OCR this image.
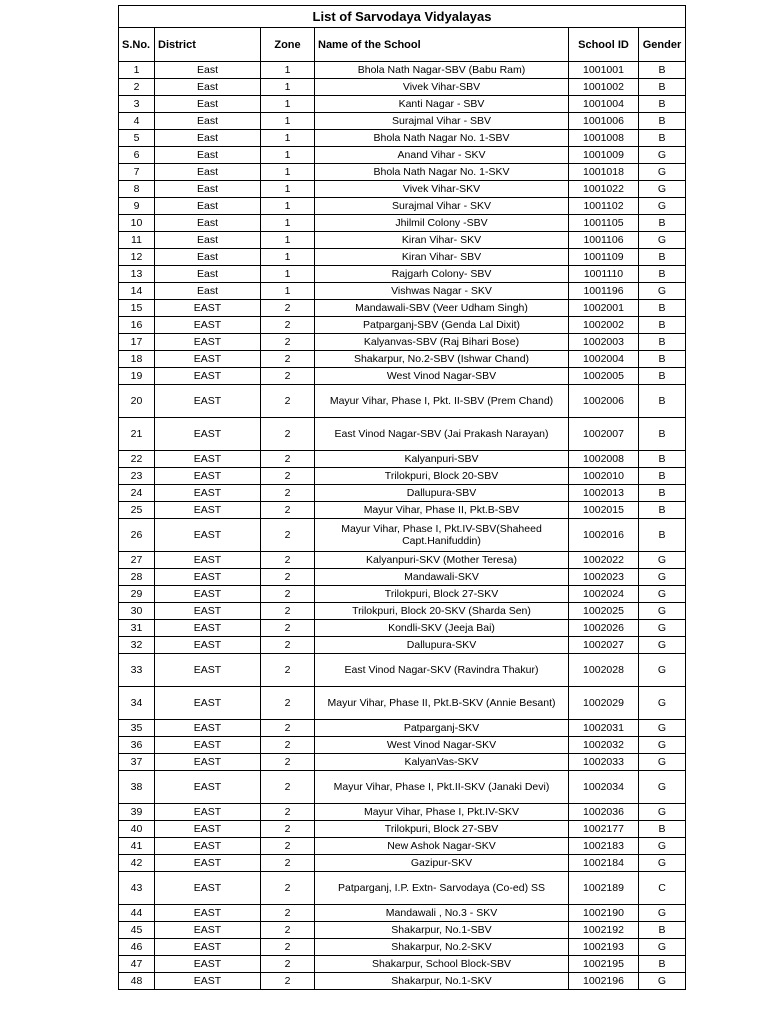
List of Sarvodaya Vidyalayas					
S.No.	District	Zone	Name of the School	School ID	Gender
1	East	1	Bhola Nath Nagar-SBV (Babu Ram)	1001001	B
2	East	1	Vivek Vihar-SBV	1001002	B
3	East	1	Kanti Nagar - SBV	1001004	B
4	East	1	Surajmal Vihar - SBV	1001006	B
5	East	1	Bhola Nath Nagar No. 1-SBV	1001008	B
6	East	1	Anand Vihar - SKV	1001009	G
7	East	1	Bhola Nath Nagar No. 1-SKV	1001018	G
8	East	1	Vivek Vihar-SKV	1001022	G
9	East	1	Surajmal Vihar - SKV	1001102	G
10	East	1	Jhilmil Colony -SBV	1001105	B
11	East	1	Kiran Vihar- SKV	1001106	G
12	East	1	Kiran Vihar- SBV	1001109	B
13	East	1	Rajgarh Colony- SBV	1001110	B
14	East	1	Vishwas Nagar - SKV	1001196	G
15	EAST	2	Mandawali-SBV (Veer Udham Singh)	1002001	B
16	EAST	2	Patparganj-SBV (Genda Lal Dixit)	1002002	B
17	EAST	2	Kalyanvas-SBV (Raj Bihari Bose)	1002003	B
18	EAST	2	Shakarpur, No.2-SBV (Ishwar Chand)	1002004	B
19	EAST	2	West Vinod Nagar-SBV	1002005	B
20	EAST	2	Mayur Vihar, Phase I, Pkt. II-SBV (Prem Chand)	1002006	B
21	EAST	2	East Vinod Nagar-SBV (Jai Prakash Narayan)	1002007	B
22	EAST	2	Kalyanpuri-SBV	1002008	B
23	EAST	2	Trilokpuri, Block 20-SBV	1002010	B
24	EAST	2	Dallupura-SBV	1002013	B
25	EAST	2	Mayur Vihar, Phase II, Pkt.B-SBV	1002015	B
26	EAST	2	Mayur Vihar, Phase I, Pkt.IV-SBV(Shaheed Capt.Hanifuddin)	1002016	B
27	EAST	2	Kalyanpuri-SKV (Mother Teresa)	1002022	G
28	EAST	2	Mandawali-SKV	1002023	G
29	EAST	2	Trilokpuri, Block 27-SKV	1002024	G
30	EAST	2	Trilokpuri, Block 20-SKV (Sharda Sen)	1002025	G
31	EAST	2	Kondli-SKV (Jeeja Bai)	1002026	G
32	EAST	2	Dallupura-SKV	1002027	G
33	EAST	2	East Vinod Nagar-SKV (Ravindra Thakur)	1002028	G
34	EAST	2	Mayur Vihar, Phase II, Pkt.B-SKV (Annie Besant)	1002029	G
35	EAST	2	Patparganj-SKV	1002031	G
36	EAST	2	West Vinod Nagar-SKV	1002032	G
37	EAST	2	KalyanVas-SKV	1002033	G
38	EAST	2	Mayur Vihar, Phase I, Pkt.II-SKV (Janaki Devi)	1002034	G
39	EAST	2	Mayur Vihar, Phase I, Pkt.IV-SKV	1002036	G
40	EAST	2	Trilokpuri, Block 27-SBV	1002177	B
41	EAST	2	New Ashok Nagar-SKV	1002183	G
42	EAST	2	Gazipur-SKV	1002184	G
43	EAST	2	Patparganj, I.P. Extn- Sarvodaya (Co-ed) SS	1002189	C
44	EAST	2	Mandawali , No.3 - SKV	1002190	G
45	EAST	2	Shakarpur, No.1-SBV	1002192	B
46	EAST	2	Shakarpur, No.2-SKV	1002193	G
47	EAST	2	Shakarpur, School Block-SBV	1002195	B
48	EAST	2	Shakarpur, No.1-SKV	1002196	G
